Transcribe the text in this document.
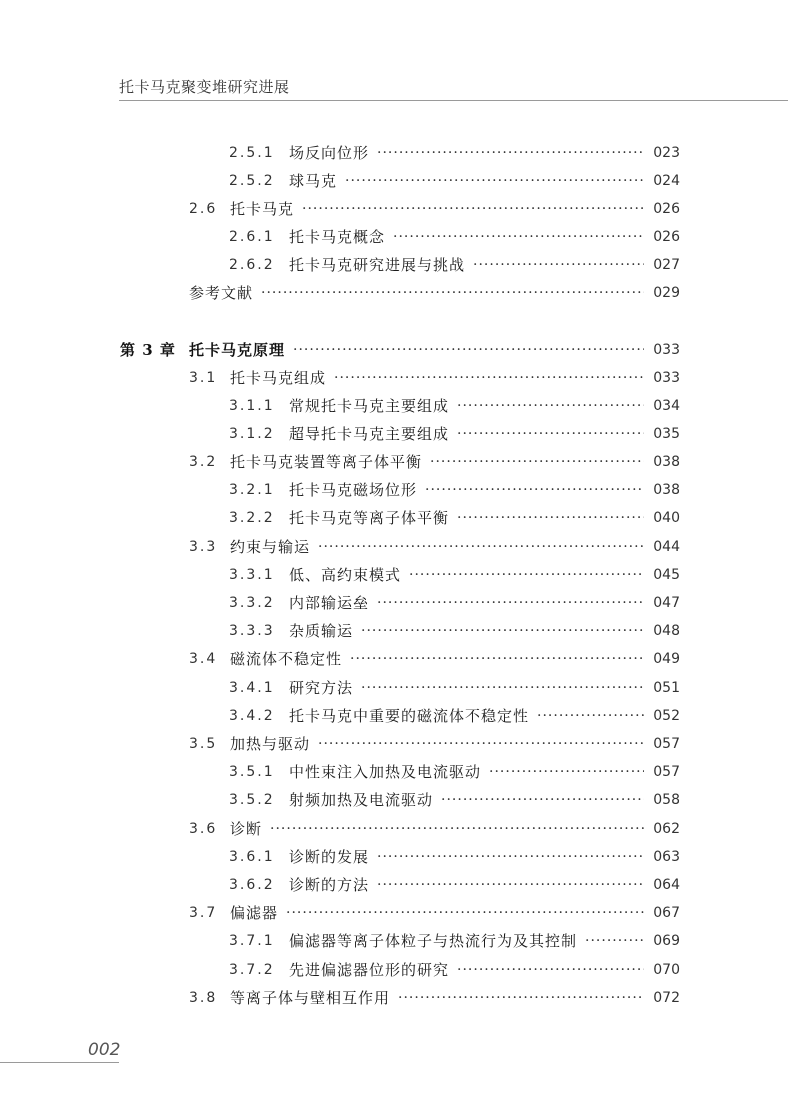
托卡马克聚变堆研究进展
2.5.1 场反向位形 ·····	023
2.5.2 球马克 ·····	024
2.6 托卡马克 ·····	026
2.6.1 托卡马克概念 ·····	026
2.6.2 托卡马克研究进展与挑战 ·····	027
参考文献 ·····	029
第 3 章 托卡马克原理 ·····	033
3.1 托卡马克组成 ·····	033
3.1.1 常规托卡马克主要组成 ·····	034
3.1.2 超导托卡马克主要组成 ·····	035
3.2 托卡马克装置等离子体平衡 ·····	038
3.2.1 托卡马克磁场位形 ·····	038
3.2.2 托卡马克等离子体平衡 ·····	040
3.3 约束与输运 ·····	044
3.3.1 低、高约束模式 ·····	045
3.3.2 内部输运垒 ·····	047
3.3.3 杂质输运 ·····	048
3.4 磁流体不稳定性 ·····	049
3.4.1 研究方法 ·····	051
3.4.2 托卡马克中重要的磁流体不稳定性 ·····	052
3.5 加热与驱动 ·····	057
3.5.1 中性束注入加热及电流驱动 ·····	057
3.5.2 射频加热及电流驱动 ·····	058
3.6 诊断 ·····	062
3.6.1 诊断的发展 ·····	063
3.6.2 诊断的方法 ·····	064
3.7 偏滤器 ·····	067
3.7.1 偏滤器等离子体粒子与热流行为及其控制 ·····	069
3.7.2 先进偏滤器位形的研究 ·····	070
3.8 等离子体与壁相互作用 ·····	072
002
